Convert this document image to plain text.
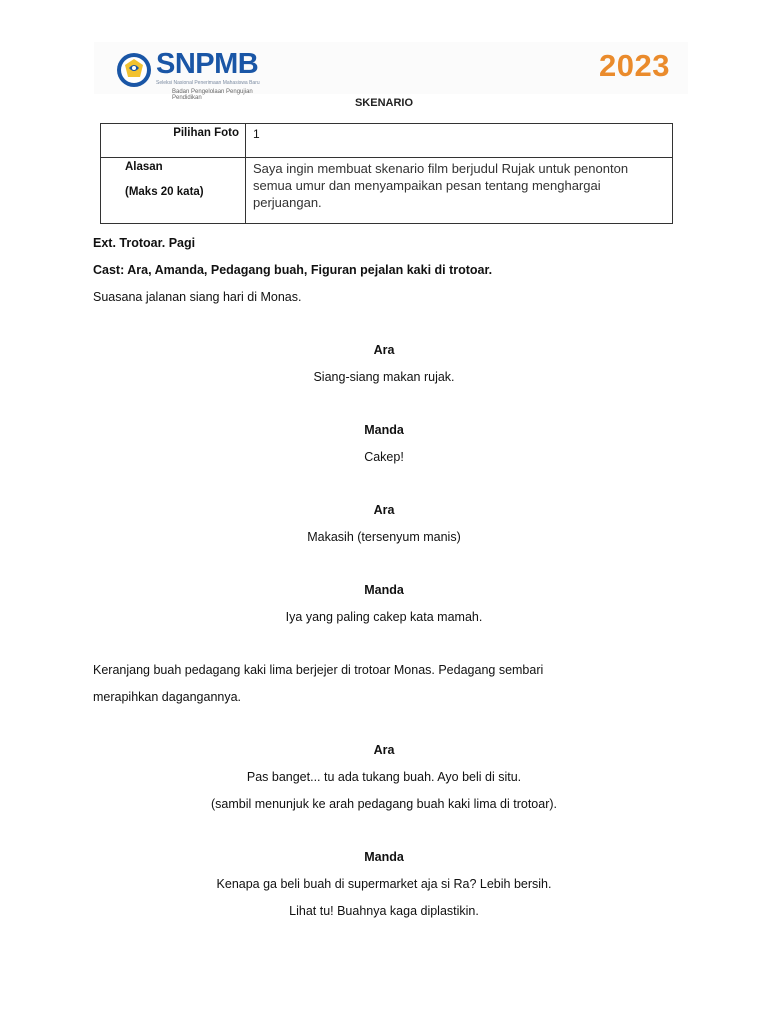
SNPMB
Seleksi Nasional Penerimaan Mahasiswa Baru
Badan Pengelolaan Pengujian Pendidikan
2023
SKENARIO
Pilihan Foto	1
Alasan
(Maks 20 kata)	Saya ingin membuat skenario film berjudul Rujak untuk penonton semua umur dan menyampaikan pesan tentang menghargai perjuangan.
Ext. Trotoar. Pagi
Cast: Ara, Amanda, Pedagang buah, Figuran pejalan kaki di trotoar.
Suasana jalanan siang hari di Monas.
Ara
Siang-siang makan rujak.
Manda
Cakep!
Ara
Makasih (tersenyum manis)
Manda
Iya yang paling cakep kata mamah.
Keranjang buah pedagang kaki lima berjejer di trotoar Monas. Pedagang sembari
merapihkan dagangannya.
Ara
Pas banget... tu ada tukang buah. Ayo beli di situ.
(sambil menunjuk ke arah pedagang buah kaki lima di trotoar).
Manda
Kenapa ga beli buah di supermarket aja si Ra? Lebih bersih.
Lihat tu! Buahnya kaga diplastikin.
